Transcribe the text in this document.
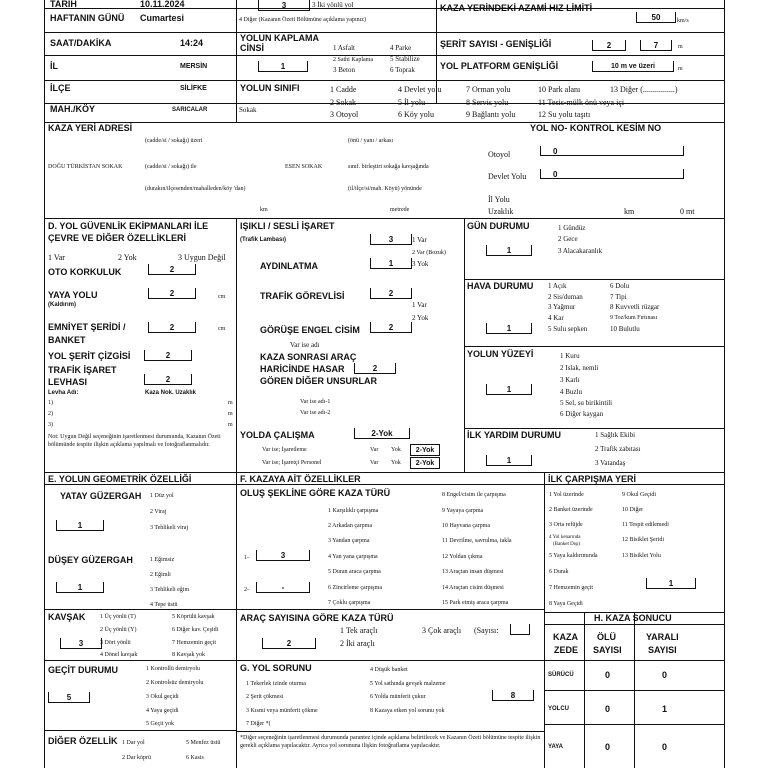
TARİH	10.11.2024
HAFTANIN GÜNÜ Cumartesi
SAAT/DAKİKA	14:24
İL	MERSİN
İLÇE	SİLİFKE
MAH./KÖY	SARICALAR	Sokak
3	3 İki yönlü yol
4 Diğer (Kazanın Özeti Bölümüne açıklama yapınız)
KAZA YERİNDEKİ AZAMİ HIZ LİMİTİ
50	km/s
ŞERİT SAYISI - GENİŞLİĞİ	2	7	m
YOL PLATFORM GENİŞLİĞİ	10 m ve üzeri	m
YOLUN KAPLAMA
CİNSİ
1
1 Asfalt
2 Sathi Kaplama
3 Beton
4 Parke
5 Stabilize
6 Toprak
YOLUN SINIFI	1 Cadde
2 Sokak
3 Otoyol
4 Devlet yolu
5 İl yolu
6 Köy yolu
7 Orman yolu
8 Servis yolu
9 Bağlantı yolu
10 Park alanı
11 Tesis-mülk önü veya içi
12 Su yolu taşıtı
13 Diğer (................)
KAZA YERİ ADRESİ
(cadde/si / sokağı) üzeri	(önü / yanı / arkası
DOĞU TÜRKİSTAN SOKAK	(cadde/si / sokağı) ile	ESEN SOKAK	sınıf. birleştiri sokağa kavşağında
(durakın/ilçesenden/mahalleden/köy 'dan)	(il/ilçe/si/mah. Köyü) yönünde
km	metrede
YOL NO- KONTROL KESİM NO
Otoyol	0
Devlet Yolu	0
İl Yolu
Uzaklık	km	0 mt
D. YOL GÜVENLİK EKİPMANLARI İLE
ÇEVRE VE DİĞER ÖZELLİKLERİ
1 Var	2 Yok	3 Uygun Değil
OTO KORKULUK	2
YAYA YOLU
(Kaldırım)
2	cm
EMNİYET ŞERİDİ /
BANKET
2	cm
YOL ŞERİT ÇİZGİSİ	2
TRAFİK İŞARET
LEVHASI	2
Levha Adı:	Kaza Nok. Uzaklık
1)
2)
3)
m
m
m
Not: Uygun Değil seçeneğinin işaretlenmesi durumunda, Kazanın Özeti bölümünde tespite ilişkin açıklama yapılmalı ve fotoğraflanmalıdır.
IŞIKLI / SESLİ İŞARET
(Trafik Lambası)	3	1 Var
2 Var (Bozuk)
3 Yok
AYDINLATMA	1
TRAFİK GÖREVLİSİ	2
1 Var
2 Yok
GÖRÜŞE ENGEL CİSİM	2
Var ise adı
KAZA SONRASI ARAÇ
HARİCİNDE HASAR
GÖREN DİĞER UNSURLAR
2
Var ise adı-1
Var ise adı-2
YOLDA ÇALIŞMA	2-Yok
Var ise; İşaretleme	Var Yok	2-Yok
Var ise; İşaretçi Personel	Var Yok	2-Yok
GÜN DURUMU
1
1 Gündüz
2 Gece
3 Alacakaranlık
HAVA DURUMU
1
1 Açık
2 Sis/duman
3 Yağmur
4 Kar
5 Sulu sepken
6 Dolu
7 Tipi
8 Kuvvetli rüzgar
9 Toz/kum Fırtınası
10 Bulutlu
YOLUN YÜZEYİ
1
1 Kuru
2 Islak, nemli
3 Karlı
4 Buzlu
5 Sel, su birikintili
6 Diğer kaygan
İLK YARDIM DURUMU
1
1 Sağlık Ekibi
2 Trafik zabıtası
3 Vatandaş
E. YOLUN GEOMETRİK ÖZELLİĞİ
YATAY GÜZERGAH
1
1 Düz yol
2 Viraj
3 Tehlikeli viraj
DÜŞEY GÜZERGAH
1
1 Eğimsiz
2 Eğimli
3 Tehlikeli eğim
4 Tepe üstü
KAVŞAK
3
1 Üç yönlü (T)
2 Üç yönlü (Y)
3 Dört yönlü
4 Dönel kavşak
5 Köprülü kavşak
6 Diğer kav. Çeşidi
7 Hemzemin geçit
8 Kavşak yok
GEÇİT DURUMU
5
1 Kontrollü demiryolu
2 Kontrolsüz demiryolu
3 Okul geçidi
4 Yaya geçidi
5 Geçit yok
DİĞER ÖZELLİK 1 Dar yol
2 Dar köprü
5 Menfez üstü
6 Kasis
F. KAZAYA AİT ÖZELLİKLER
OLUŞ ŞEKLİNE GÖRE KAZA TÜRÜ
1-	3
2-	-
1 Karşılıklı çarpışma
2 Arkadan çarpma
3 Yandan çarpma
4 Yan yana çarpışma
5 Duran araca çarpma
6 Zincirleme çarpışma
7 Çoklu çarpışma
8 Engel/cisim ile çarpışma
9 Yayaya çarpma
10 Hayvana çarpma
11 Devrilme, savrulma, takla
12 Yoldan çıkma
13 Araçtan insan düşmesi
14 Araçtan cisim düşmesi
15 Park etmiş araca çarpma
ARAÇ SAYISINA GÖRE KAZA TÜRÜ
2
1 Tek araçlı
2 İki araçlı
3 Çok araçlı (Sayısı:
G. YOL SORUNU
1 Tekerlek izinde oturma
2 Şerit çökmesi
3 Kısmi veya münferit çökme
7 Diğer *(
4 Düşük banket
5 Yol sathında gevşek malzeme
6 Yolda münferit çukur
8 Kazaya etken yol sorunu yok
8
*Diğer seçeneğinin işaretlenmesi durumunda parantez içinde açıklama belirtilecek ve Kazanın Özeti bölümüne tespite ilişkin gerekli açıklama yapılacaktır. Ayrıca yol sorununa ilişkin fotoğraflama yapılacaktır.
İLK ÇARPIŞMA YERİ
1 Yol üzerinde
2 Banket üzerinde
3 Orta refüjde
4 Yol kenarında
(Banket Dışı)
5 Yaya kaldırımında
6 Durak
7 Hemzemin geçit
8 Yaya Geçidi
9 Okul Geçidi
10 Diğer
11 Tespit edilemedi
12 Bisiklet Şeridi
13 Bisiklet Yolu
1
H. KAZA SONUCU
KAZA
ZEDE
ÖLÜ
SAYISI
YARALI
SAYISI
SÜRÜCÜ	0	0
YOLCU	0	1
YAYA	0	0
